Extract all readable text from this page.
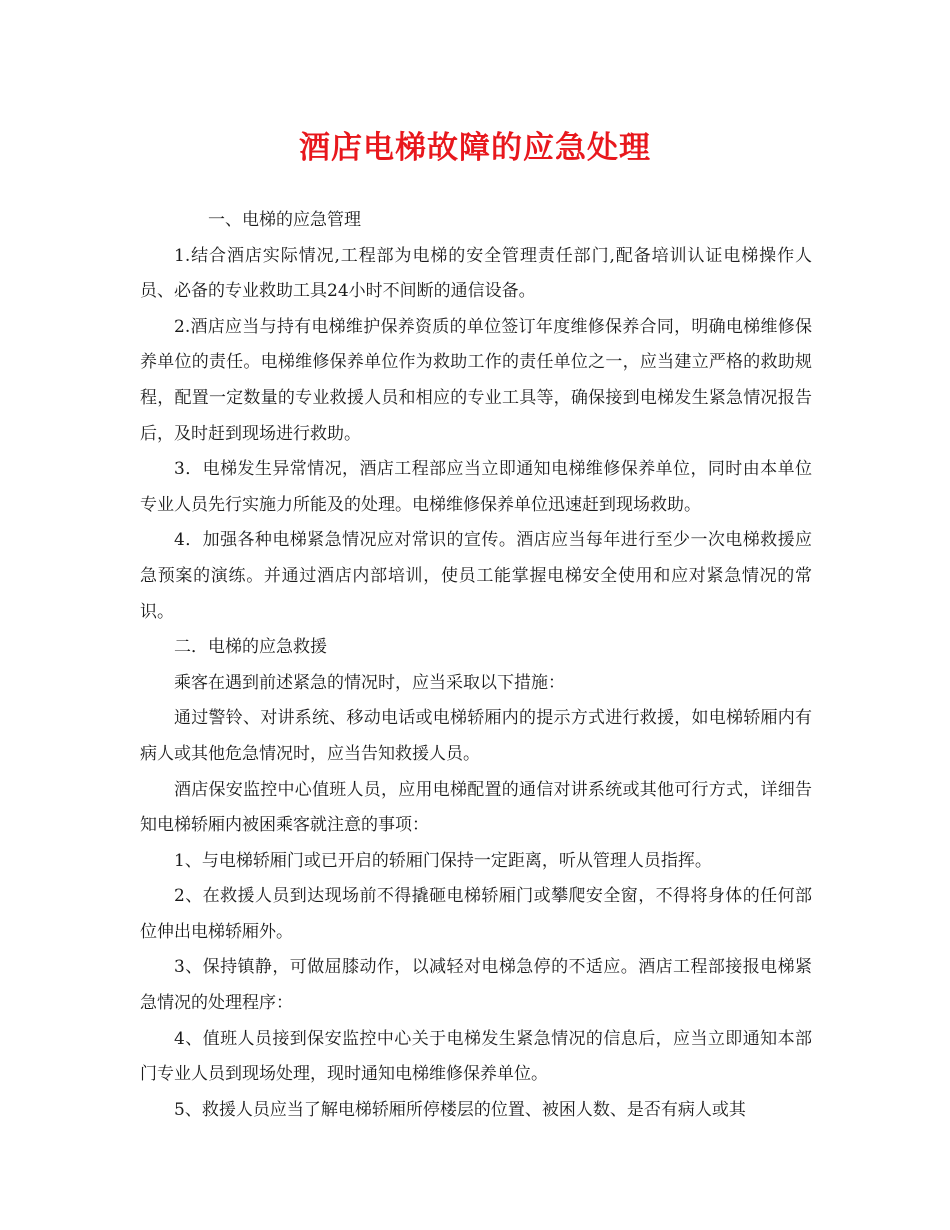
酒店电梯故障的应急处理

一、电梯的应急管理

1.结合酒店实际情况,工程部为电梯的安全管理责任部门,配备培训认证电梯操作人员、必备的专业救助工具24小时不间断的通信设备。

2.酒店应当与持有电梯维护保养资质的单位签订年度维修保养合同，明确电梯维修保养单位的责任。电梯维修保养单位作为救助工作的责任单位之一，应当建立严格的救助规程，配置一定数量的专业救援人员和相应的专业工具等，确保接到电梯发生紧急情况报告后，及时赶到现场进行救助。

3．电梯发生异常情况，酒店工程部应当立即通知电梯维修保养单位，同时由本单位专业人员先行实施力所能及的处理。电梯维修保养单位迅速赶到现场救助。

4．加强各种电梯紧急情况应对常识的宣传。酒店应当每年进行至少一次电梯救援应急预案的演练。并通过酒店内部培训，使员工能掌握电梯安全使用和应对紧急情况的常识。

二．电梯的应急救援

乘客在遇到前述紧急的情况时，应当采取以下措施：

通过警铃、对讲系统、移动电话或电梯轿厢内的提示方式进行救援，如电梯轿厢内有病人或其他危急情况时，应当告知救援人员。

酒店保安监控中心值班人员，应用电梯配置的通信对讲系统或其他可行方式，详细告知电梯轿厢内被困乘客就注意的事项：

1、与电梯轿厢门或已开启的轿厢门保持一定距离，听从管理人员指挥。

2、在救援人员到达现场前不得撬砸电梯轿厢门或攀爬安全窗，不得将身体的任何部位伸出电梯轿厢外。

3、保持镇静，可做屈膝动作，以减轻对电梯急停的不适应。酒店工程部接报电梯紧急情况的处理程序：

4、值班人员接到保安监控中心关于电梯发生紧急情况的信息后，应当立即通知本部门专业人员到现场处理，现时通知电梯维修保养单位。

5、救援人员应当了解电梯轿厢所停楼层的位置、被困人数、是否有病人或其
